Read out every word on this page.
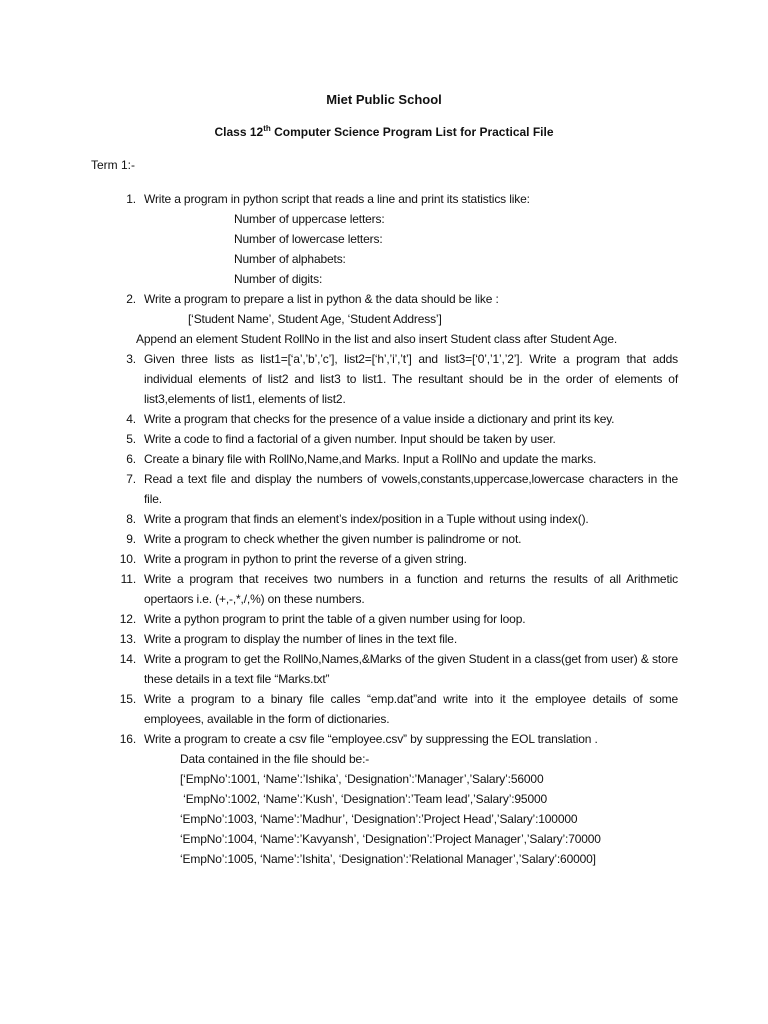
Miet Public School
Class 12th Computer Science Program List for Practical File
Term 1:-
1. Write a program in python script that reads a line and print its statistics like:
Number of uppercase letters:
Number of lowercase letters:
Number of alphabets:
Number of digits:
2. Write a program to prepare a list in python & the data should be like :
[‘Student Name’, Student Age, ‘Student Address’]
Append an element Student RollNo in the list and also insert Student class after Student Age.
3. Given three lists as list1=[‘a’,’b’,’c’], list2=[‘h’,’i’,’t’] and list3=[‘0’,’1’,’2’]. Write a program that adds individual elements of list2 and list3 to list1. The resultant should be in the order of elements of list3,elements of list1, elements of list2.
4. Write a program that checks for the presence of a value inside a dictionary and print its key.
5. Write a code to find a factorial of a given number. Input should be taken by user.
6. Create a binary file with RollNo,Name,and Marks. Input a RollNo and update the marks.
7. Read a text file and display the numbers of vowels,constants,uppercase,lowercase characters in the file.
8. Write a program that finds an element’s index/position in a Tuple without using index().
9. Write a program to check whether the given number is palindrome or not.
10. Write a program in python to print the reverse of a given string.
11. Write a program that receives two numbers in a function and returns the results of all Arithmetic opertaors i.e. (+,-,*,/,%) on these numbers.
12. Write a python program to print the table of a given number using for loop.
13. Write a program to display the number of lines in the text file.
14. Write a program to get the RollNo,Names,&Marks of the given Student in a class(get from user) & store these details in a text file “Marks.txt”
15. Write a program to a binary file calles “emp.dat”and write into it the employee details of some employees, available in the form of dictionaries.
16. Write a program to create a csv file “employee.csv” by suppressing the EOL translation .
Data contained in the file should be:-
[‘EmpNo’:1001, ‘Name’:’Ishika’, ‘Designation’:’Manager’,’Salary’:56000
‘EmpNo’:1002, ‘Name’:’Kush’, ‘Designation’:’Team lead’,’Salary’:95000
‘EmpNo’:1003, ‘Name’:’Madhur’, ‘Designation’:’Project Head’,’Salary’:100000
‘EmpNo’:1004, ‘Name’:’Kavyansh’, ‘Designation’:’Project Manager’,’Salary’:70000
‘EmpNo’:1005, ‘Name’:’Ishita’, ‘Designation’:’Relational Manager’,’Salary’:60000]
